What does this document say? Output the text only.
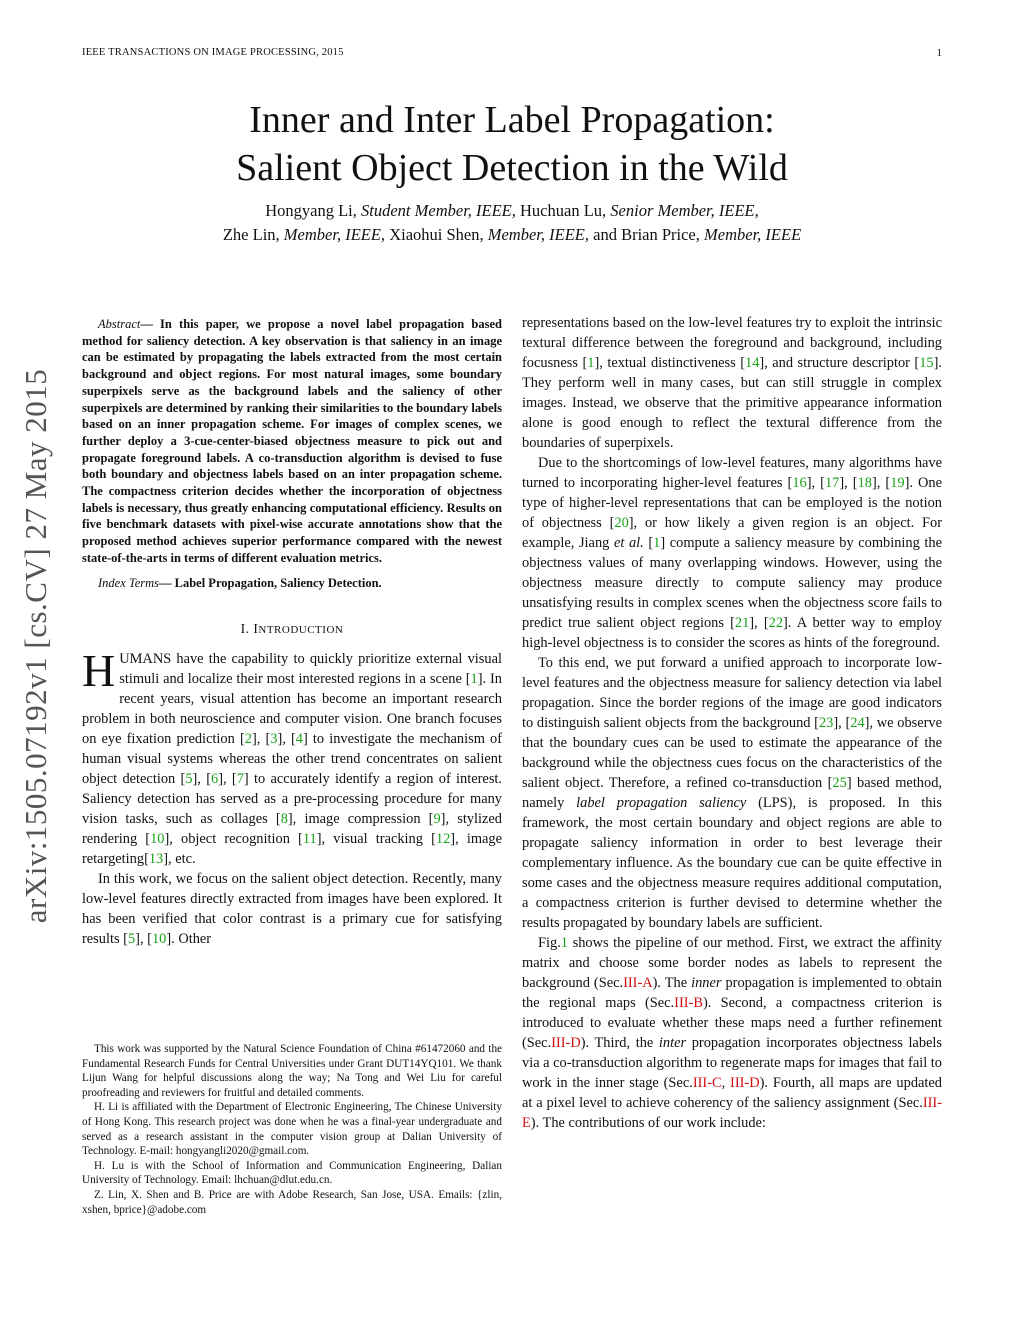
IEEE TRANSACTIONS ON IMAGE PROCESSING, 2015	1
Inner and Inter Label Propagation:
Salient Object Detection in the Wild
Hongyang Li, Student Member, IEEE, Huchuan Lu, Senior Member, IEEE,
Zhe Lin, Member, IEEE, Xiaohui Shen, Member, IEEE, and Brian Price, Member, IEEE
arXiv:1505.07192v1 [cs.CV] 27 May 2015

Abstract— In this paper, we propose a novel label propagation based method for saliency detection. A key observation is that saliency in an image can be estimated by propagating the labels extracted from the most certain background and object regions. For most natural images, some boundary superpixels serve as the background labels and the saliency of other superpixels are determined by ranking their similarities to the boundary labels based on an inner propagation scheme. For images of complex scenes, we further deploy a 3-cue-center-biased objectness measure to pick out and propagate foreground labels. A co-transduction algorithm is devised to fuse both boundary and objectness labels based on an inter propagation scheme. The compactness criterion decides whether the incorporation of objectness labels is necessary, thus greatly enhancing computational efficiency. Results on five benchmark datasets with pixel-wise accurate annotations show that the proposed method achieves superior performance compared with the newest state-of-the-arts in terms of different evaluation metrics.

Index Terms— Label Propagation, Saliency Detection.

I. INTRODUCTION

HUMANS have the capability to quickly prioritize external visual stimuli and localize their most interested regions in a scene [1]. In recent years, visual attention has become an important research problem in both neuroscience and computer vision. One branch focuses on eye fixation prediction [2], [3], [4] to investigate the mechanism of human visual systems whereas the other trend concentrates on salient object detection [5], [6], [7] to accurately identify a region of interest. Saliency detection has served as a pre-processing procedure for many vision tasks, such as collages [8], image compression [9], stylized rendering [10], object recognition [11], visual tracking [12], image retargeting[13], etc.

In this work, we focus on the salient object detection. Recently, many low-level features directly extracted from images have been explored. It has been verified that color contrast is a primary cue for satisfying results [5], [10]. Other

This work was supported by the Natural Science Foundation of China #61472060 and the Fundamental Research Funds for Central Universities under Grant DUT14YQ101. We thank Lijun Wang for helpful discussions along the way; Na Tong and Wei Liu for careful proofreading and reviewers for fruitful and detailed comments.

H. Li is affiliated with the Department of Electronic Engineering, The Chinese University of Hong Kong. This research project was done when he was a final-year undergraduate and served as a research assistant in the computer vision group at Dalian University of Technology. E-mail: hongyangli2020@gmail.com.

H. Lu is with the School of Information and Communication Engineering, Dalian University of Technology. Email: lhchuan@dlut.edu.cn.

Z. Lin, X. Shen and B. Price are with Adobe Research, San Jose, USA. Emails: {zlin, xshen, bprice}@adobe.com

representations based on the low-level features try to exploit the intrinsic textural difference between the foreground and background, including focusness [1], textual distinctiveness [14], and structure descriptor [15]. They perform well in many cases, but can still struggle in complex images. Instead, we observe that the primitive appearance information alone is good enough to reflect the textural difference from the boundaries of superpixels.

Due to the shortcomings of low-level features, many algorithms have turned to incorporating higher-level features [16], [17], [18], [19]. One type of higher-level representations that can be employed is the notion of objectness [20], or how likely a given region is an object. For example, Jiang et al. [1] compute a saliency measure by combining the objectness values of many overlapping windows. However, using the objectness measure directly to compute saliency may produce unsatisfying results in complex scenes when the objectness score fails to predict true salient object regions [21], [22]. A better way to employ high-level objectness is to consider the scores as hints of the foreground.

To this end, we put forward a unified approach to incorporate low-level features and the objectness measure for saliency detection via label propagation. Since the border regions of the image are good indicators to distinguish salient objects from the background [23], [24], we observe that the boundary cues can be used to estimate the appearance of the background while the objectness cues focus on the characteristics of the salient object. Therefore, a refined co-transduction [25] based method, namely label propagation saliency (LPS), is proposed. In this framework, the most certain boundary and object regions are able to propagate saliency information in order to best leverage their complementary influence. As the boundary cue can be quite effective in some cases and the objectness measure requires additional computation, a compactness criterion is further devised to determine whether the results propagated by boundary labels are sufficient.

Fig.1 shows the pipeline of our method. First, we extract the affinity matrix and choose some border nodes as labels to represent the background (Sec.III-A). The inner propagation is implemented to obtain the regional maps (Sec.III-B). Second, a compactness criterion is introduced to evaluate whether these maps need a further refinement (Sec.III-D). Third, the inter propagation incorporates objectness labels via a co-transduction algorithm to regenerate maps for images that fail to work in the inner stage (Sec.III-C, III-D). Fourth, all maps are updated at a pixel level to achieve coherency of the saliency assignment (Sec.III-E). The contributions of our work include:
